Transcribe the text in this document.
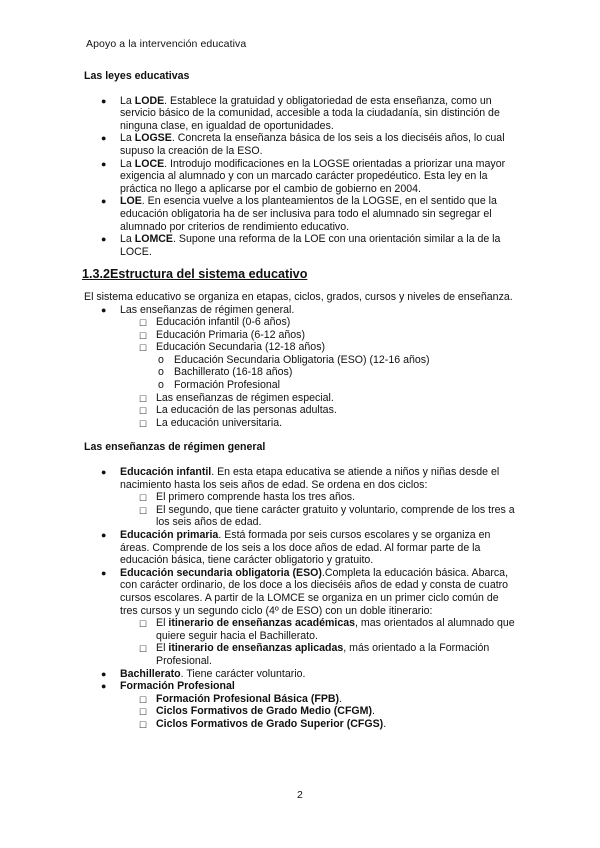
Apoyo a la intervención educativa
Las leyes educativas
● La LODE. Establece la gratuidad y obligatoriedad de esta enseñanza, como un servicio básico de la comunidad, accesible a toda la ciudadanía, sin distinción de ninguna clase, en igualdad de oportunidades.
● La LOGSE. Concreta la enseñanza básica de los seis a los dieciséis años, lo cual supuso la creación de la ESO.
● La LOCE. Introdujo modificaciones en la LOGSE orientadas a priorizar una mayor exigencia al alumnado y con un marcado carácter propedéutico. Esta ley en la práctica no llego a aplicarse por el cambio de gobierno en 2004.
● LOE. En esencia vuelve a los planteamientos de la LOGSE, en el sentido que la educación obligatoria ha de ser inclusiva para todo el alumnado sin segregar el alumnado por criterios de rendimiento educativo.
● La LOMCE. Supone una reforma de la LOE con una orientación similar a la de la LOCE.
1.3.2Estructura del sistema educativo

El sistema educativo se organiza en etapas, ciclos, grados, cursos y niveles de enseñanza.

● Las enseñanzas de régimen general.
☐ Educación infantil (0-6 años)
☐ Educación Primaria (6-12 años)
☐ Educación Secundaria (12-18 años)
o Educación Secundaria Obligatoria (ESO) (12-16 años)
o Bachillerato (16-18 años)
o Formación Profesional
☐ Las enseñanzas de régimen especial.
☐ La educación de las personas adultas.
☐ La educación universitaria.
Las enseñanzas de régimen general
● Educación infantil. En esta etapa educativa se atiende a niños y niñas desde el nacimiento hasta los seis años de edad. Se ordena en dos ciclos:
☐ El primero comprende hasta los tres años.
☐ El segundo, que tiene carácter gratuito y voluntario, comprende de los tres a los seis años de edad.
● Educación primaria. Está formada por seis cursos escolares y se organiza en áreas. Comprende de los seis a los doce años de edad. Al formar parte de la educación básica, tiene carácter obligatorio y gratuito.
● Educación secundaria obligatoria (ESO).Completa la educación básica. Abarca, con carácter ordinario, de los doce a los dieciséis años de edad y consta de cuatro cursos escolares. A partir de la LOMCE se organiza en un primer ciclo común de tres cursos y un segundo ciclo (4º de ESO) con un doble itinerario:
☐ El itinerario de enseñanzas académicas, mas orientados al alumnado que quiere seguir hacia el Bachillerato.
☐ El itinerario de enseñanzas aplicadas, más orientado a la Formación Profesional.
● Bachillerato. Tiene carácter voluntario.
● Formación Profesional
☐ Formación Profesional Básica (FPB).
☐ Ciclos Formativos de Grado Medio (CFGM).
☐ Ciclos Formativos de Grado Superior (CFGS).
2
